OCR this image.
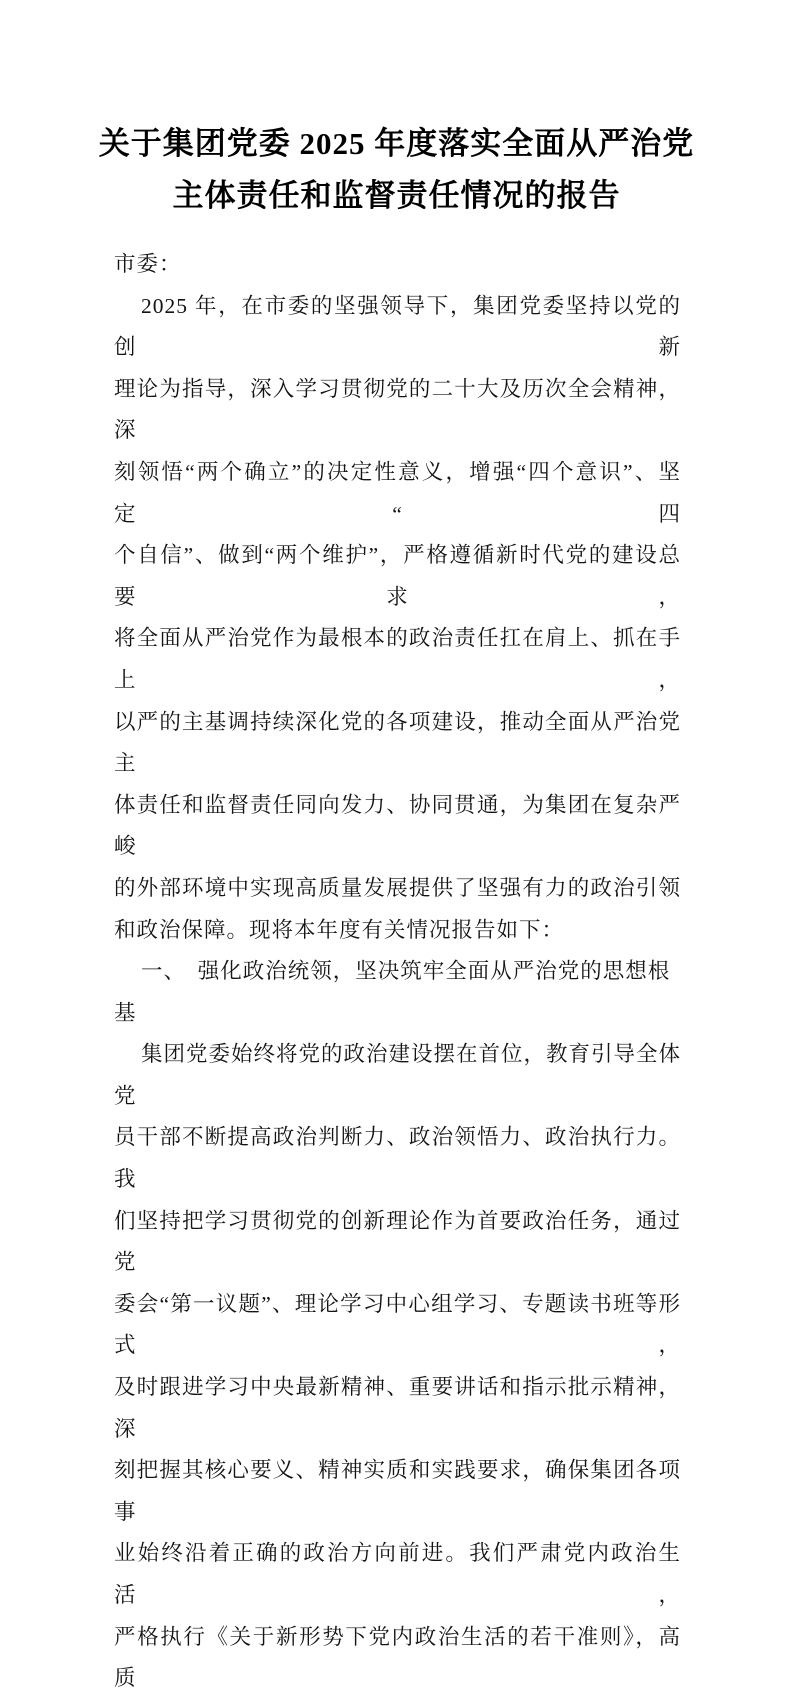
关于集团党委 2025 年度落实全面从严治党
主体责任和监督责任情况的报告
市委：
2025 年，在市委的坚强领导下，集团党委坚持以党的创新
理论为指导，深入学习贯彻党的二十大及历次全会精神，深
刻领悟“两个确立”的决定性意义，增强“四个意识”、坚定“四
个自信”、做到“两个维护”，严格遵循新时代党的建设总要求，
将全面从严治党作为最根本的政治责任扛在肩上、抓在手上，
以严的主基调持续深化党的各项建设，推动全面从严治党主
体责任和监督责任同向发力、协同贯通，为集团在复杂严峻
的外部环境中实现高质量发展提供了坚强有力的政治引领
和政治保障。现将本年度有关情况报告如下：
一、　强化政治统领，坚决筑牢全面从严治党的思想根基
集团党委始终将党的政治建设摆在首位，教育引导全体党
员干部不断提高政治判断力、政治领悟力、政治执行力。我
们坚持把学习贯彻党的创新理论作为首要政治任务，通过党
委会“第一议题”、理论学习中心组学习、专题读书班等形式，
及时跟进学习中央最新精神、重要讲话和指示批示精神，深
刻把握其核心要义、精神实质和实践要求，确保集团各项事
业始终沿着正确的政治方向前进。我们严肃党内政治生活，
严格执行《关于新形势下党内政治生活的若干准则》，高质
